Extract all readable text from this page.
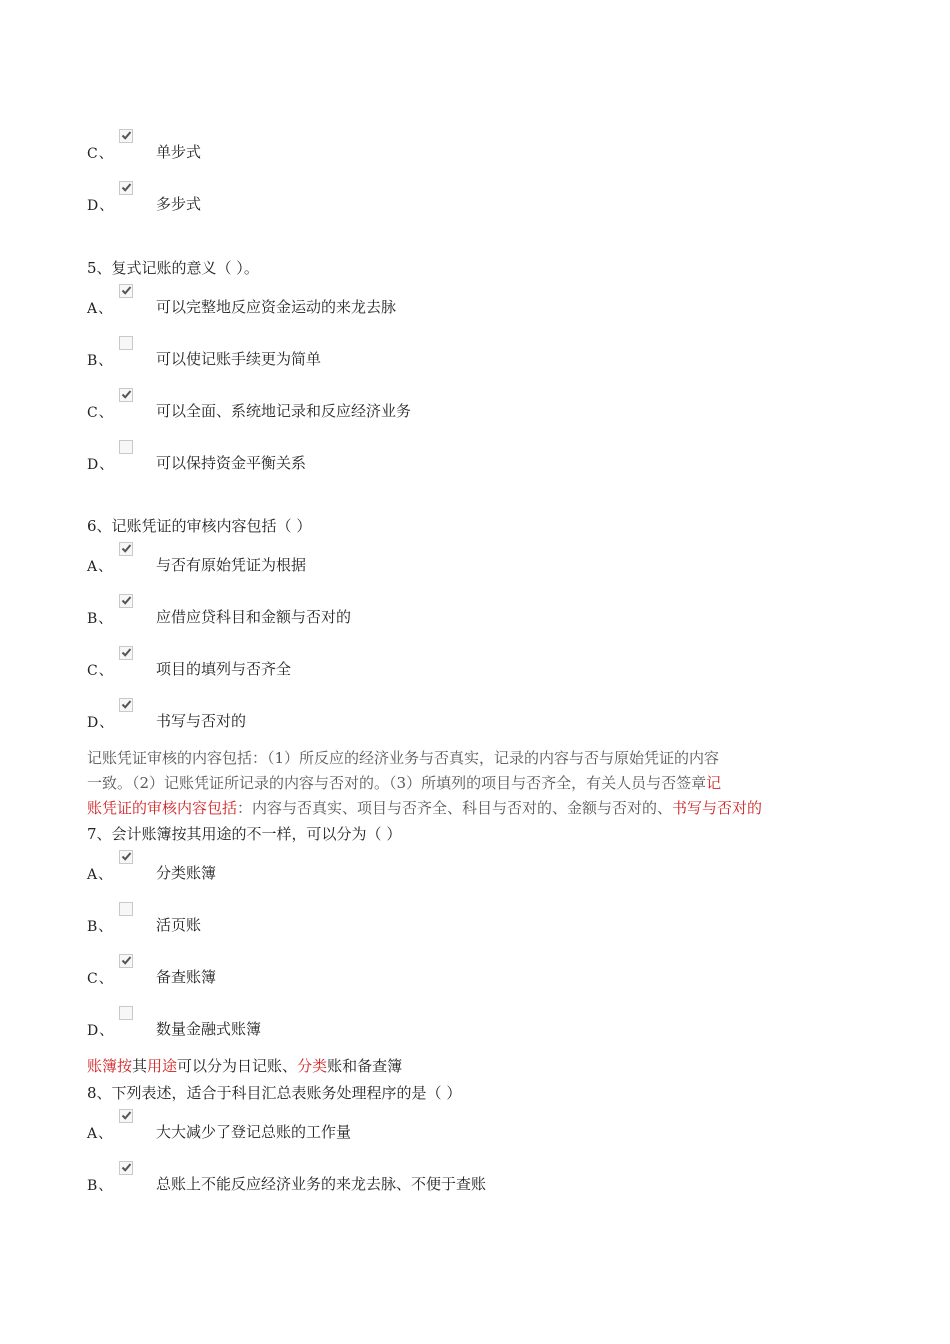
C、	单步式
D、	多步式
5、复式记账的意义（ ）。
A、	可以完整地反应资金运动的来龙去脉
B、	可以使记账手续更为简单
C、	可以全面、系统地记录和反应经济业务
D、	可以保持资金平衡关系
6、记账凭证的审核内容包括（ ）
A、	与否有原始凭证为根据
B、	应借应贷科目和金额与否对的
C、	项目的填列与否齐全
D、	书写与否对的
记账凭证审核的内容包括：（1）所反应的经济业务与否真实，记录的内容与否与原始凭证的内容
一致。（2）记账凭证所记录的内容与否对的。（3）所填列的项目与否齐全，有关人员与否签章记
账凭证的审核内容包括：内容与否真实、项目与否齐全、科目与否对的、金额与否对的、书写与否对的
7、会计账簿按其用途的不一样，可以分为（ ）
A、	分类账簿
B、	活页账
C、	备查账簿
D、	数量金融式账簿
账簿按其用途可以分为日记账、分类账和备查簿
8、下列表述，适合于科目汇总表账务处理程序的是（ ）
A、	大大减少了登记总账的工作量
B、	总账上不能反应经济业务的来龙去脉、不便于查账
